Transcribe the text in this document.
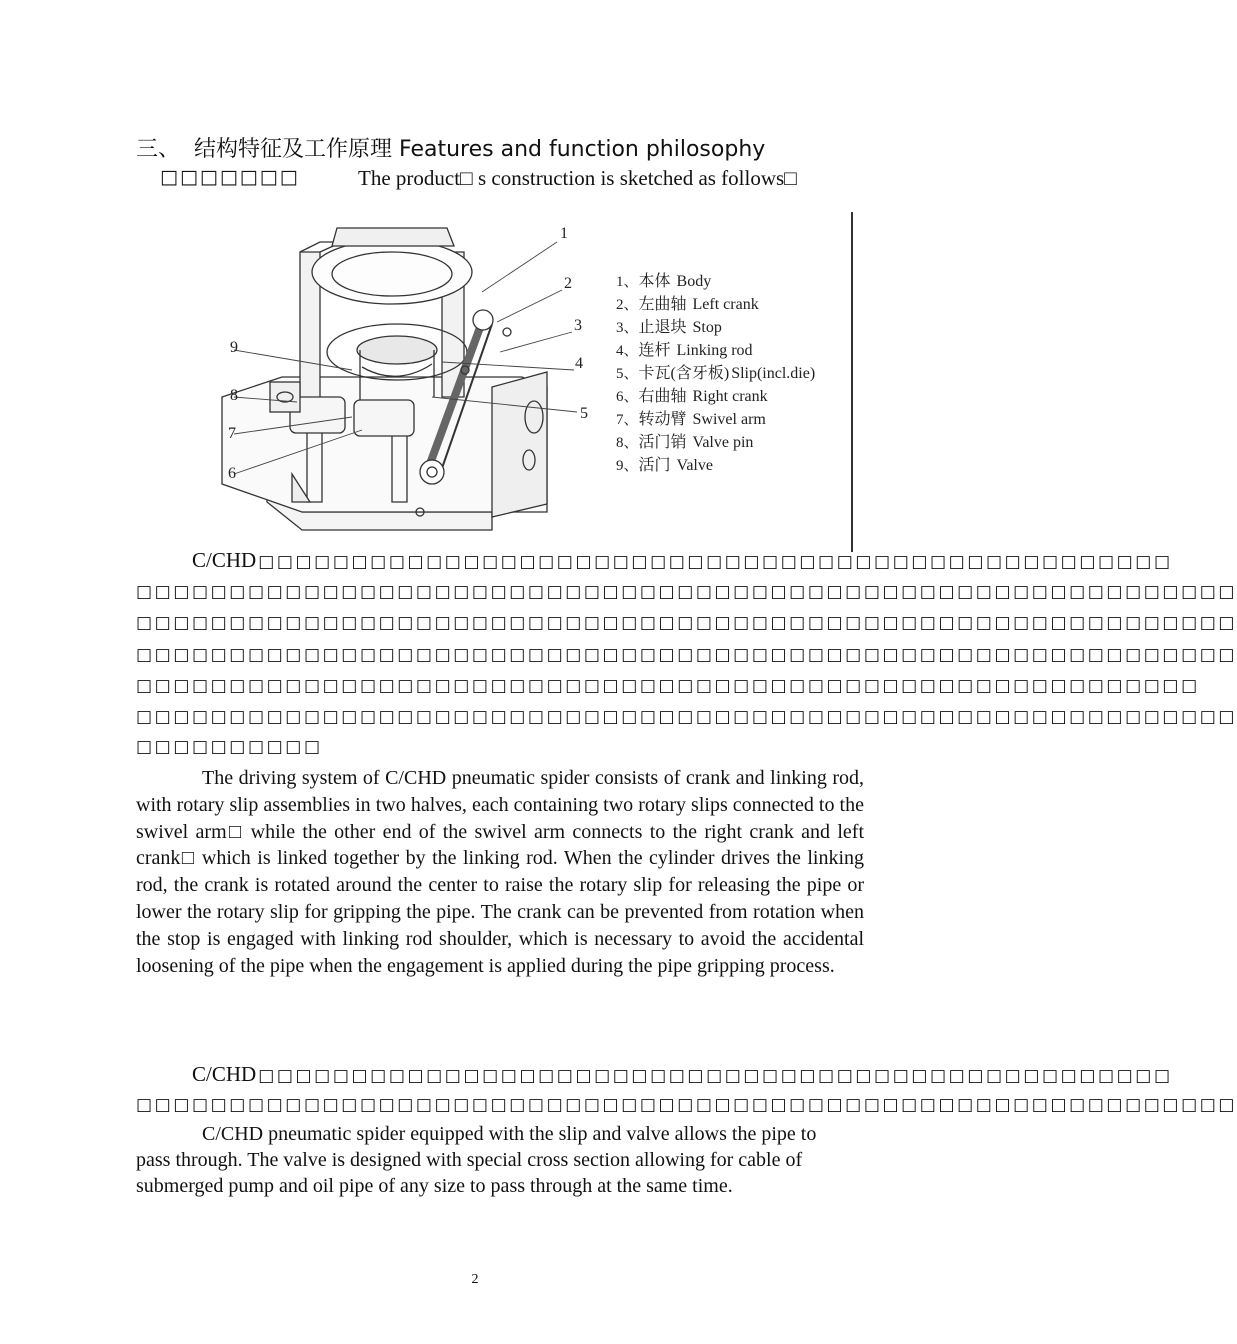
三、 结构特征及工作原理 Features and function philosophy
□□□□□□□	The product□ s construction is sketched as follows□
1
2
3
4
5
6
7
8
9
1、本体 Body
2、左曲轴 Left crank
3、止退块 Stop
4、连杆 Linking rod
5、卡瓦(含牙板) Slip(incl.die)
6、右曲轴 Right crank
7、转动臂 Swivel arm
8、活门销 Valve pin
9、活门 Valve
C/CHD □□□□□□□□□□□□□□□□□□□□□□□□□□□□□□□□□□□□□□□□□□□□□□□□□
□□□□□□□□□□□□□□□□□□□□□□□□□□□□□□□□□□□□□□□□□□□□□□□□□□□□□□□□□□□
□□□□□□□□□□□□□□□□□□□□□□□□□□□□□□□□□□□□□□□□□□□□□□□□□□□□□□□□□□□
□□□□□□□□□□□□□□□□□□□□□□□□□□□□□□□□□□□□□□□□□□□□□□□□□□□□□□□□□□□
□□□□□□□□□□□□□□□□□□□□□□□□□□□□□□□□□□□□□□□□□□□□□□□□□□□□□□□□□
□□□□□□□□□□□□□□□□□□□□□□□□□□□□□□□□□□□□□□□□□□□□□□□□□□□□□□□□□□□
□□□□□□□□□□

The driving system of C/CHD pneumatic spider consists of crank and linking rod, with rotary slip assemblies in two halves, each containing two rotary slips connected to the swivel arm□ while the other end of the swivel arm connects to the right crank and left crank□ which is linked together by the linking rod. When the cylinder drives the linking rod, the crank is rotated around the center to raise the rotary slip for releasing the pipe or lower the rotary slip for gripping the pipe. The crank can be prevented from rotation when the stop is engaged with linking rod shoulder, which is necessary to avoid the accidental loosening of the pipe when the engagement is applied during the pipe gripping process.

C/CHD □□□□□□□□□□□□□□□□□□□□□□□□□□□□□□□□□□□□□□□□□□□□□□□□□
□□□□□□□□□□□□□□□□□□□□□□□□□□□□□□□□□□□□□□□□□□□□□□□□□□□□□□□□□□□

C/CHD pneumatic spider equipped with the slip and valve allows the pipe to pass through. The valve is designed with special cross section allowing for cable of submerged pump and oil pipe of any size to pass through at the same time.

2
